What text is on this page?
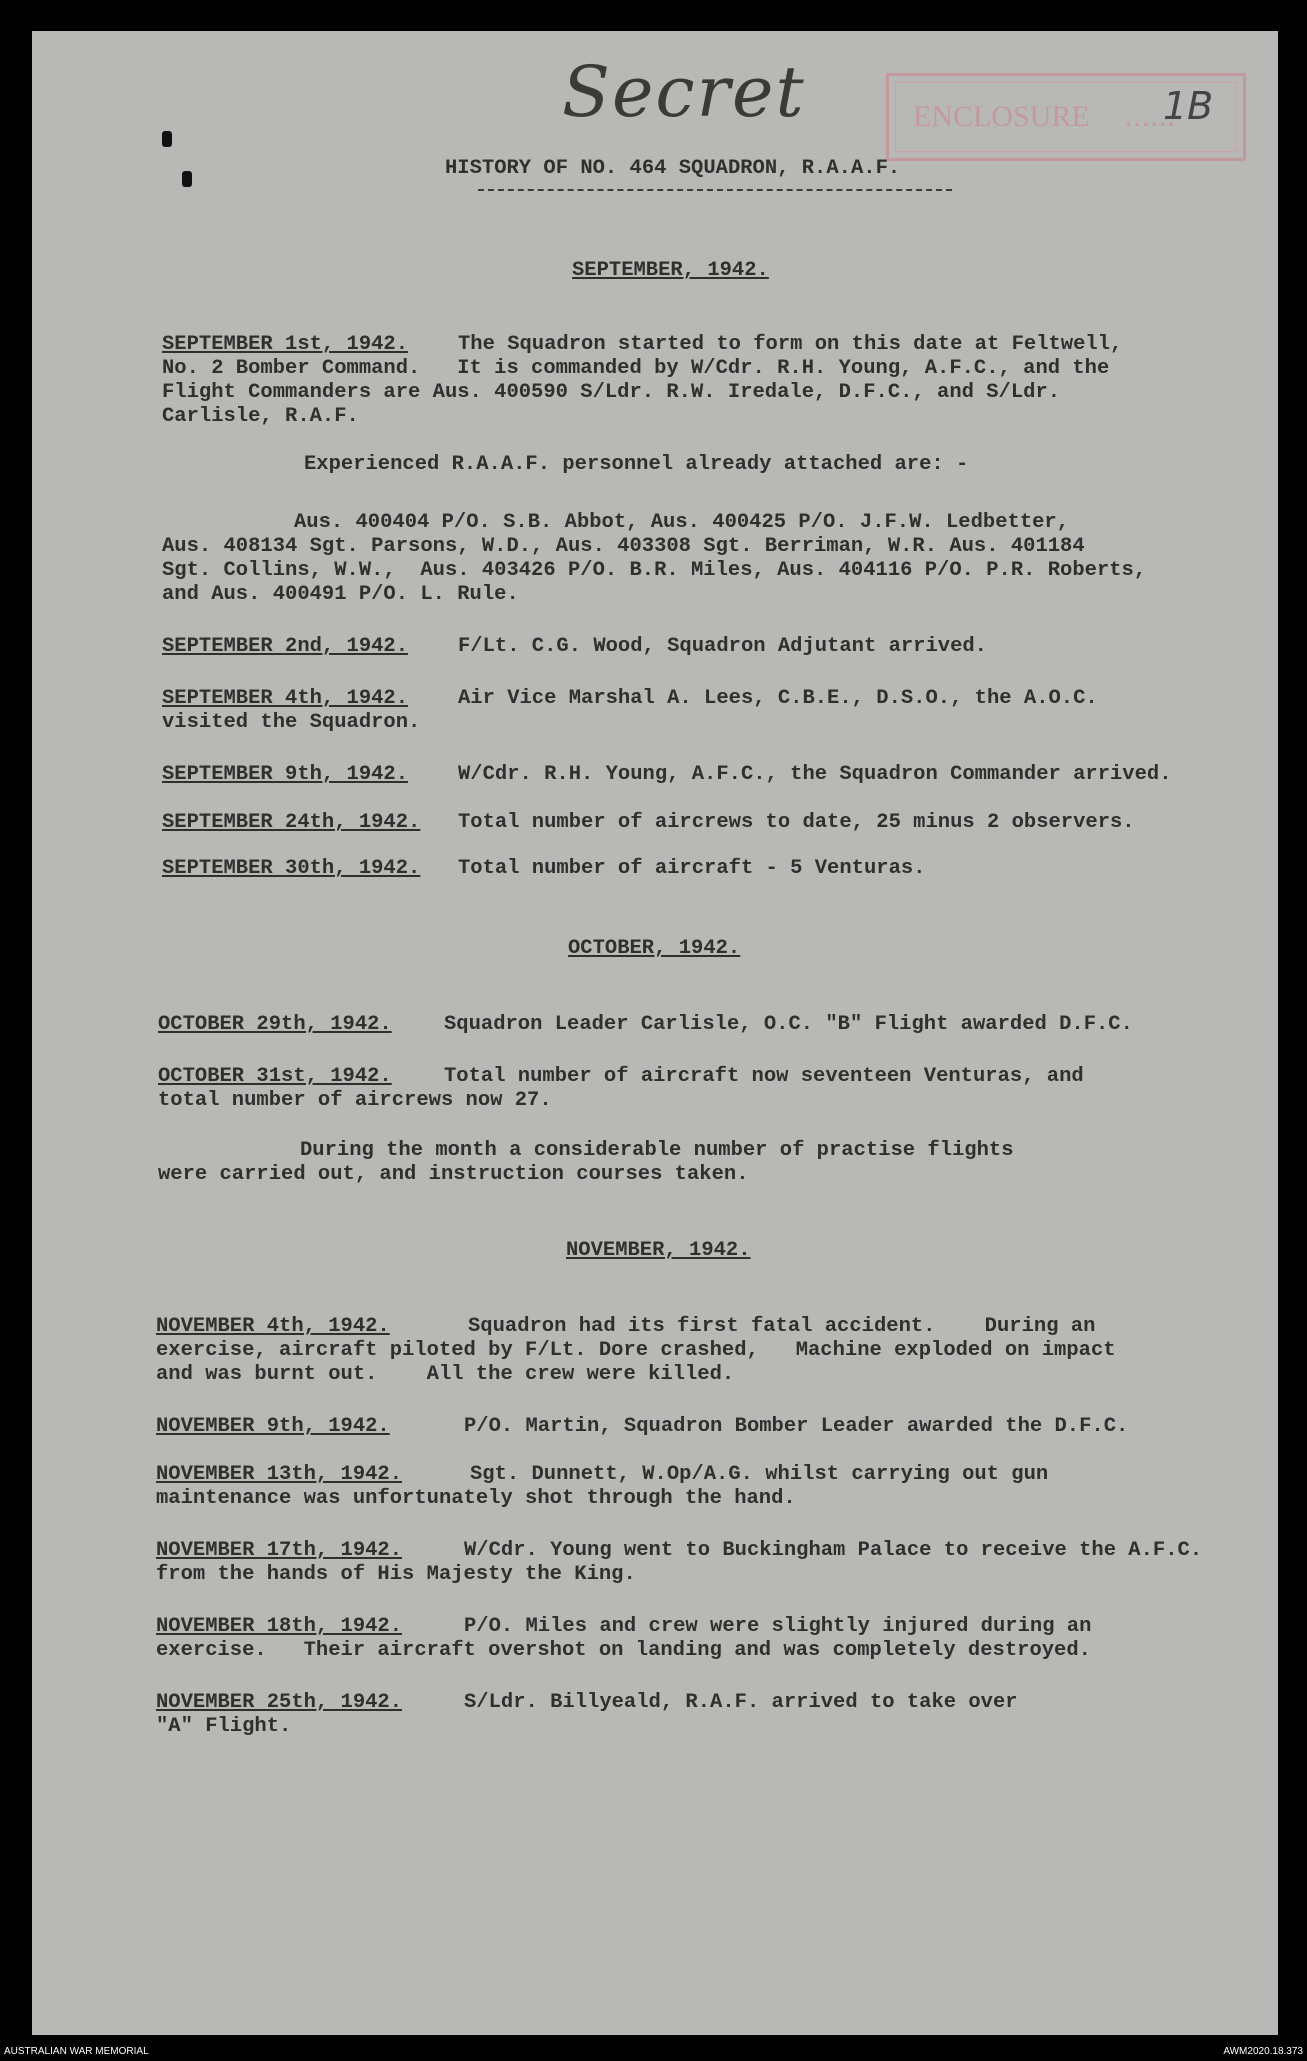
Secret	ENCLOSURE ......
1B
HISTORY OF NO. 464 SQUADRON, R.A.A.F.
SEPTEMBER, 1942.
SEPTEMBER 1st, 1942. The Squadron started to form on this date at Feltwell,
No. 2 Bomber Command.   It is commanded by W/Cdr. R.H. Young, A.F.C., and the
Flight Commanders are Aus. 400590 S/Ldr. R.W. Iredale, D.F.C., and S/Ldr.
Carlisle, R.A.F.
Experienced R.A.A.F. personnel already attached are: -
Aus. 400404 P/O. S.B. Abbot, Aus. 400425 P/O. J.F.W. Ledbetter,
Aus. 408134 Sgt. Parsons, W.D., Aus. 403308 Sgt. Berriman, W.R. Aus. 401184
Sgt. Collins, W.W.,  Aus. 403426 P/O. B.R. Miles, Aus. 404116 P/O. P.R. Roberts,
and Aus. 400491 P/O. L. Rule.
SEPTEMBER 2nd, 1942. F/Lt. C.G. Wood, Squadron Adjutant arrived.
SEPTEMBER 4th, 1942. Air Vice Marshal A. Lees, C.B.E., D.S.O., the A.O.C.
visited the Squadron.
SEPTEMBER 9th, 1942. W/Cdr. R.H. Young, A.F.C., the Squadron Commander arrived.
SEPTEMBER 24th, 1942. Total number of aircrews to date, 25 minus 2 observers.
SEPTEMBER 30th, 1942. Total number of aircraft - 5 Venturas.
OCTOBER, 1942.
OCTOBER 29th, 1942.	Squadron Leader Carlisle, O.C. "B" Flight awarded D.F.C.
OCTOBER 31st, 1942.	Total number of aircraft now seventeen Venturas, and
total number of aircrews now 27.
During the month a considerable number of practise flights
were carried out, and instruction courses taken.
NOVEMBER, 1942.
NOVEMBER 4th, 1942.	Squadron had its first fatal accident.    During an
exercise, aircraft piloted by F/Lt. Dore crashed,   Machine exploded on impact
and was burnt out.    All the crew were killed.
NOVEMBER 9th, 1942.	P/O. Martin, Squadron Bomber Leader awarded the D.F.C.
NOVEMBER 13th, 1942.	Sgt. Dunnett, W.Op/A.G. whilst carrying out gun
maintenance was unfortunately shot through the hand.
NOVEMBER 17th, 1942.	W/Cdr. Young went to Buckingham Palace to receive the A.F.C.
from the hands of His Majesty the King.
NOVEMBER 18th, 1942.	P/O. Miles and crew were slightly injured during an
exercise.   Their aircraft overshot on landing and was completely destroyed.
NOVEMBER 25th, 1942.	S/Ldr. Billyeald, R.A.F. arrived to take over
"A" Flight.
AUSTRALIAN WAR MEMORIAL	AWM2020.18.373
